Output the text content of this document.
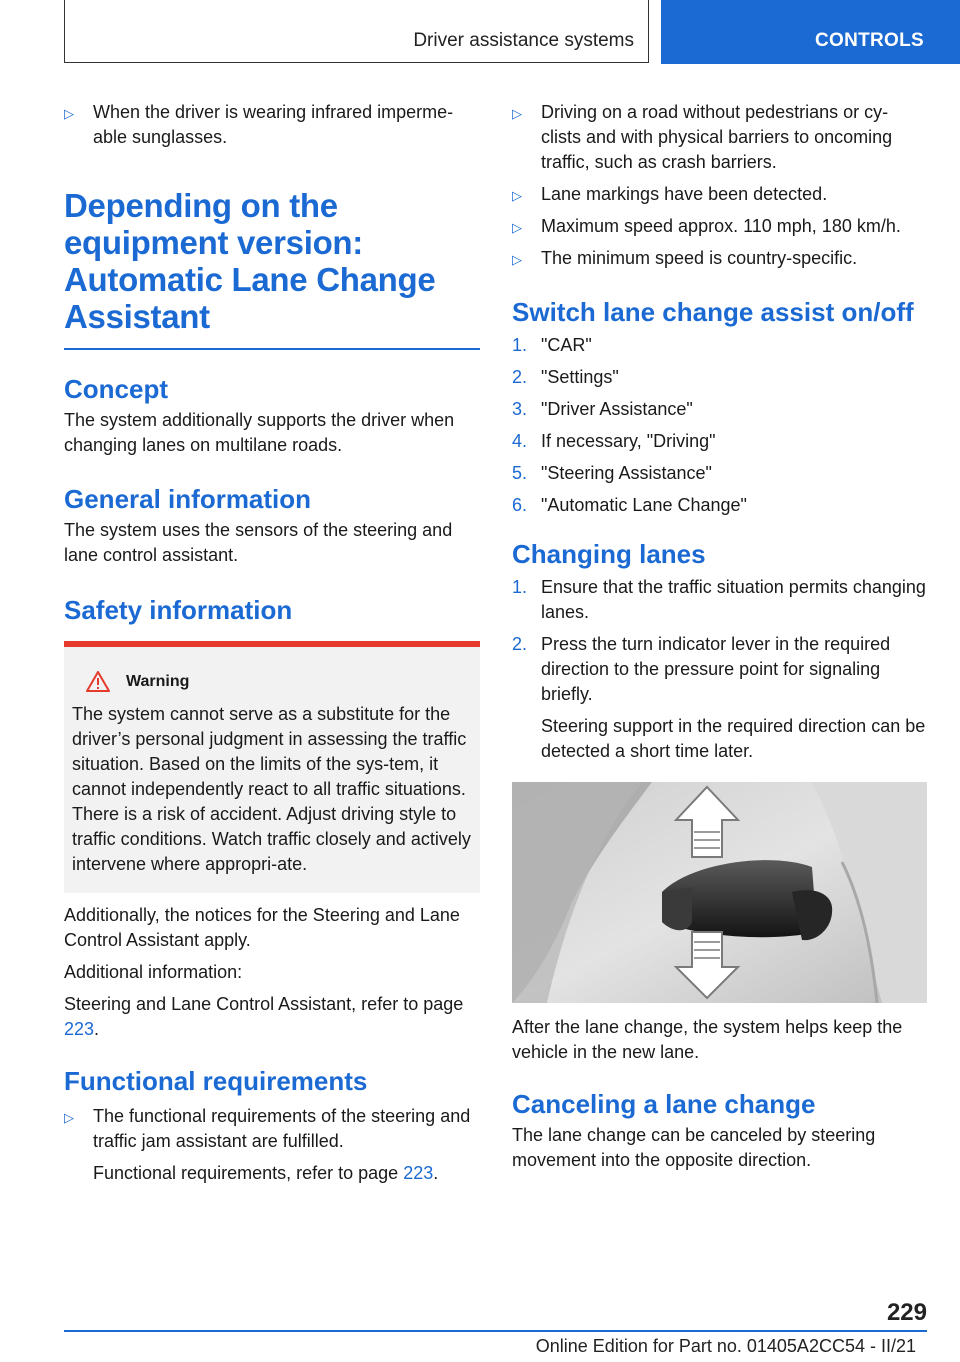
Driver assistance systems	CONTROLS
▷ When the driver is wearing infrared imperme-able sunglasses.
Depending on the equipment version: Automatic Lane Change Assistant
Concept

The system additionally supports the driver when changing lanes on multilane roads.

General information

The system uses the sensors of the steering and lane control assistant.

Safety information
Warning

The system cannot serve as a substitute for the driver’s personal judgment in assessing the traffic situation. Based on the limits of the sys-tem, it cannot independently react to all traffic situations. There is a risk of accident. Adjust driving style to traffic conditions. Watch traffic closely and actively intervene where appropri-ate.

Additionally, the notices for the Steering and Lane Control Assistant apply.

Additional information:

Steering and Lane Control Assistant, refer to page 223.

Functional requirements
▷ The functional requirements of the steering and traffic jam assistant are fulfilled.
Functional requirements, refer to page 223.
▷ Driving on a road without pedestrians or cy-clists and with physical barriers to oncoming traffic, such as crash barriers.
▷ Lane markings have been detected.
▷ Maximum speed approx. 110 mph, 180 km/h.
▷ The minimum speed is country-specific.
Switch lane change assist on/off
1. "CAR"
2. "Settings"
3. "Driver Assistance"
4. If necessary, "Driving"
5. "Steering Assistance"
6. "Automatic Lane Change"
Changing lanes
1. Ensure that the traffic situation permits changing lanes.
2. Press the turn indicator lever in the required direction to the pressure point for signaling briefly.
Steering support in the required direction can be detected a short time later.

After the lane change, the system helps keep the vehicle in the new lane.

Canceling a lane change

The lane change can be canceled by steering movement into the opposite direction.

229
Online Edition for Part no. 01405A2CC54 - II/21
